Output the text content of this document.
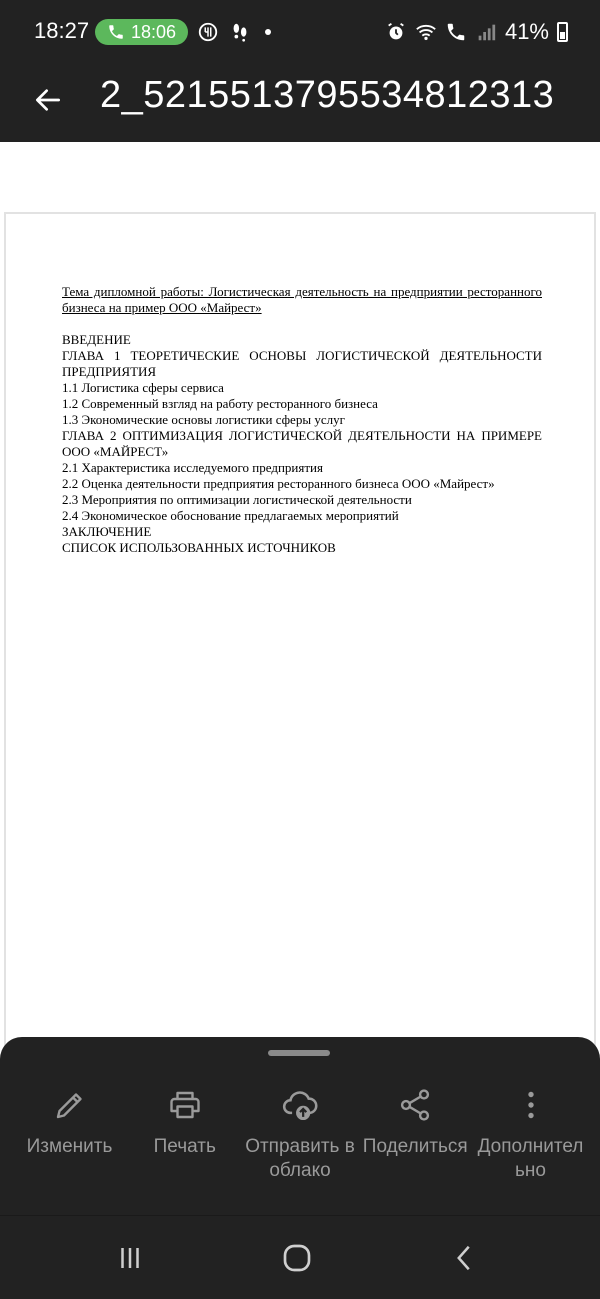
18:27 18:06	41%
2_5215513795534812313
Тема дипломной работы: Логистическая деятельность на предприятии ресторанного бизнеса на пример ООО «Майрест»
ВВЕДЕНИЕ
ГЛАВА 1 ТЕОРЕТИЧЕСКИЕ ОСНОВЫ ЛОГИСТИЧЕСКОЙ ДЕЯТЕЛЬНОСТИ ПРЕДПРИЯТИЯ
1.1 Логистика сферы сервиса
1.2 Современный взгляд на работу ресторанного бизнеса
1.3 Экономические основы логистики сферы услуг
ГЛАВА 2 ОПТИМИЗАЦИЯ ЛОГИСТИЧЕСКОЙ ДЕЯТЕЛЬНОСТИ НА ПРИМЕРЕ ООО «МАЙРЕСТ»
2.1 Характеристика исследуемого предприятия
2.2 Оценка деятельности предприятия ресторанного бизнеса ООО «Майрест»
2.3 Мероприятия по оптимизации логистической деятельности
2.4 Экономическое обоснование предлагаемых мероприятий
ЗАКЛЮЧЕНИЕ
СПИСОК ИСПОЛЬЗОВАННЫХ ИСТОЧНИКОВ
Изменить Печать Отправить в облако
Поделиться Дополнительно
